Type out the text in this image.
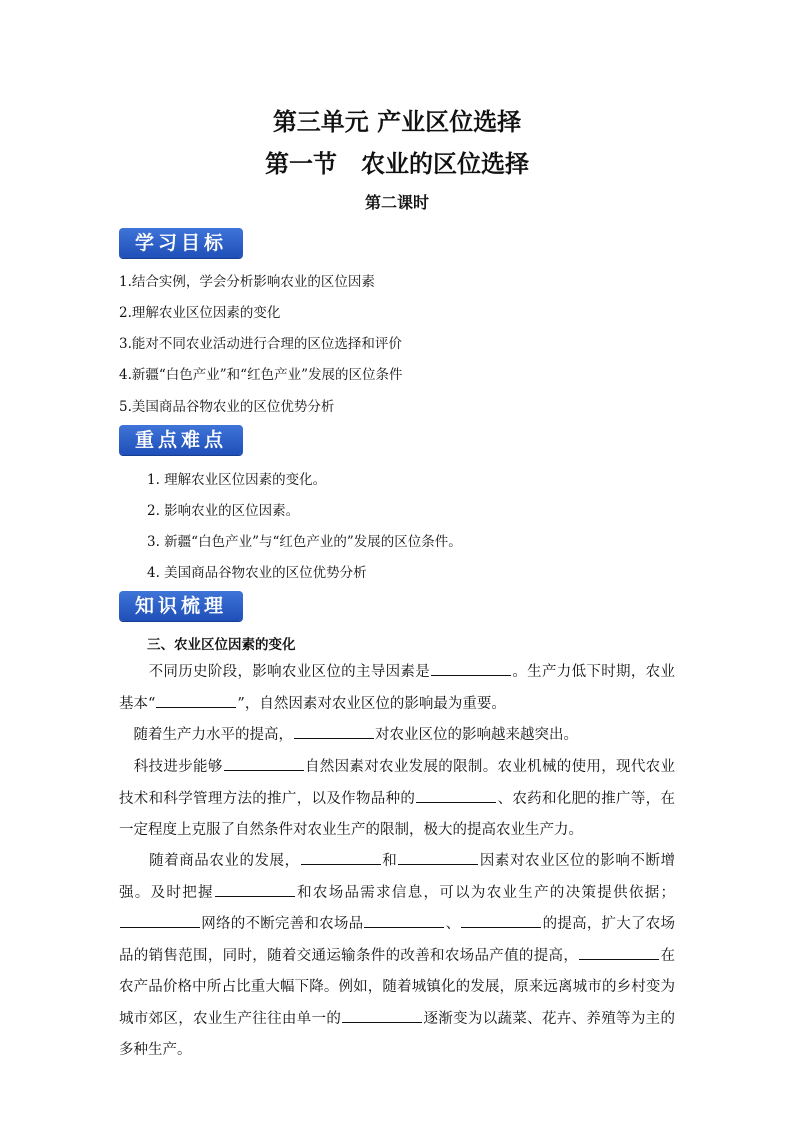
第三单元 产业区位选择
第一节　农业的区位选择
第二课时
学习目标
1.结合实例，学会分析影响农业的区位因素
2.理解农业区位因素的变化
3.能对不同农业活动进行合理的区位选择和评价
4.新疆“白色产业”和“红色产业”发展的区位条件
5.美国商品谷物农业的区位优势分析
重点难点
1. 理解农业区位因素的变化。
2. 影响农业的区位因素。
3. 新疆“白色产业”与“红色产业的”发展的区位条件。
4. 美国商品谷物农业的区位优势分析
知识梳理
三、农业区位因素的变化
　　不同历史阶段，影响农业区位的主导因素是	。生产力低下时期，农业基本“	”，自然因素对农业区位的影响最为重要。
　随着生产力水平的提高，	对农业区位的影响越来越突出。
　科技进步能够	自然因素对农业发展的限制。农业机械的使用，现代农业技术和科学管理方法的推广，以及作物品种的	、农药和化肥的推广等，在一定程度上克服了自然条件对农业生产的限制，极大的提高农业生产力。
　　随着商品农业的发展，	和	因素对农业区位的影响不断增强。及时把握	和农场品需求信息，可以为农业生产的决策提供依据；网络的不断完善和农场品	、	的提高，扩大了农场品的销售范围，同时，随着交通运输条件的改善和农场品产值的提高，	在农产品价格中所占比重大幅下降。例如，随着城镇化的发展，原来远离城市的乡村变为城市郊区，农业生产往往由单一的	逐渐变为以蔬菜、花卉、养殖等为主的多种生产。
